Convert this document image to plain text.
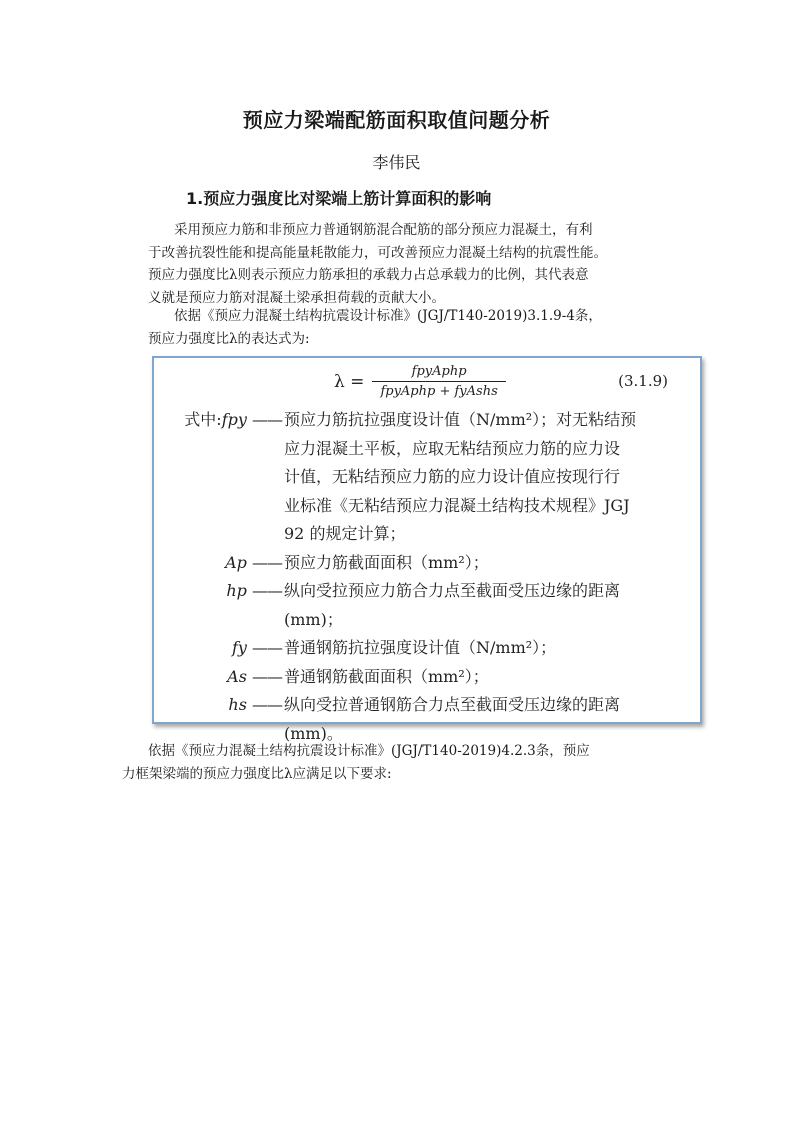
预应力梁端配筋面积取值问题分析
李伟民
1.预应力强度比对梁端上筋计算面积的影响
采用预应力筋和非预应力普通钢筋混合配筋的部分预应力混凝土，有利
于改善抗裂性能和提高能量耗散能力，可改善预应力混凝土结构的抗震性能。
预应力强度比λ则表示预应力筋承担的承载力占总承载力的比例，其代表意
义就是预应力筋对混凝土梁承担荷载的贡献大小。
依据《预应力混凝土结构抗震设计标准》(JGJ/T140-2019)3.1.9-4条，
预应力强度比λ的表达式为:
$\lambda = \frac{\text{fpyAphp}}{\text{fpyAphp + fyAshs}}$	(3.1.9)
式中:fpy —— 预应力筋抗拉强度设计值（N/mm²）；对无粘结预
应力混凝土平板，应取无粘结预应力筋的应力设
计值，无粘结预应力筋的应力设计值应按现行行
业标准《无粘结预应力混凝土结构技术规程》JGJ
92 的规定计算；
Ap —— 预应力筋截面面积（mm²）；
hp —— 纵向受拉预应力筋合力点至截面受压边缘的距离
(mm)；
fy —— 普通钢筋抗拉强度设计值（N/mm²）；
As —— 普通钢筋截面面积（mm²）；
hs —— 纵向受拉普通钢筋合力点至截面受压边缘的距离
(mm)。
依据《预应力混凝土结构抗震设计标准》(JGJ/T140-2019)4.2.3条，预应
力框架梁端的预应力强度比λ应满足以下要求:
